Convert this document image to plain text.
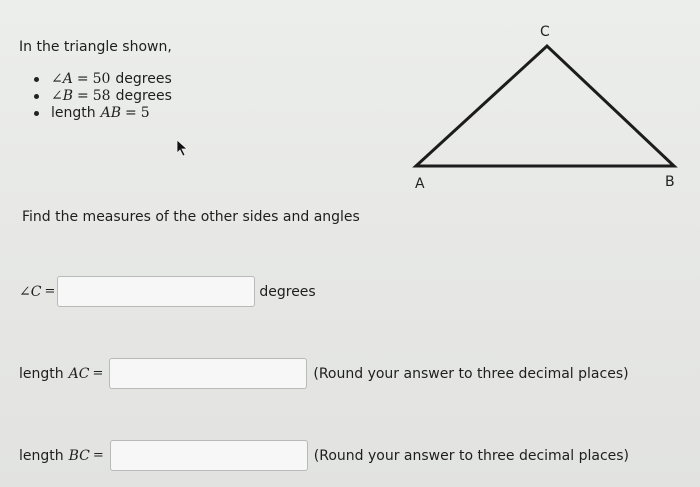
In the triangle shown,
∠A = 50 degrees
∠B = 58 degrees
length AB = 5
C
A	B
Find the measures of the other sides and angles
∠C =	degrees
length AC =	(Round your answer to three decimal places)
length BC =	(Round your answer to three decimal places)
